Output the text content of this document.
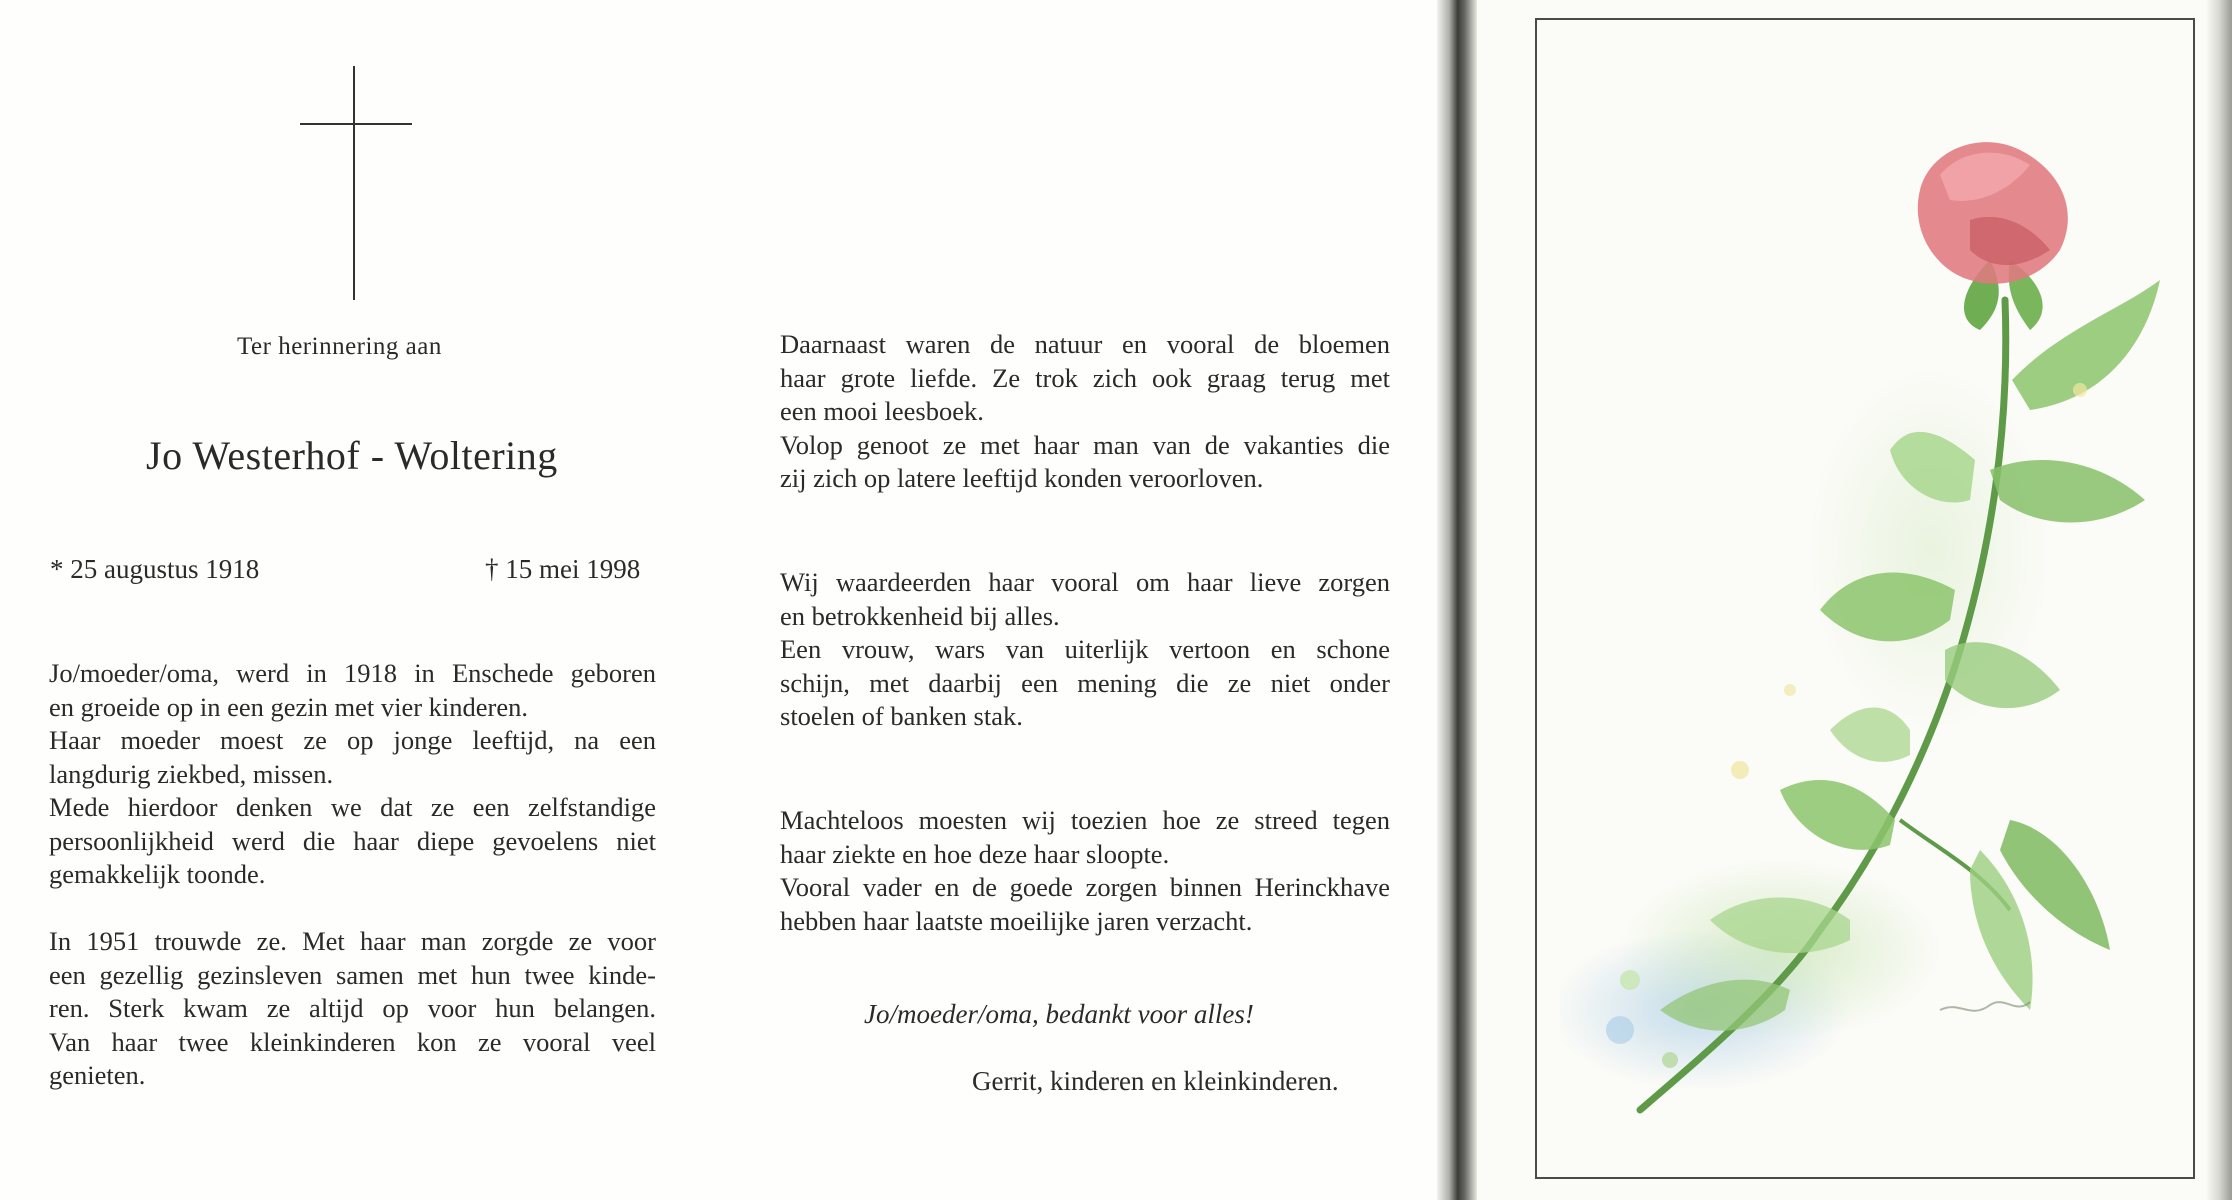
Ter herinnering aan
Jo Westerhof - Woltering
* 25 augustus 1918	† 15 mei 1998
Jo/moeder/oma, werd in 1918 in Enschede geboren
en groeide op in een gezin met vier kinderen.
Haar moeder moest ze op jonge leeftijd, na een
langdurig ziekbed, missen.
Mede hierdoor denken we dat ze een zelfstandige
persoonlijkheid werd die haar diepe gevoelens niet
gemakkelijk toonde.
In 1951 trouwde ze. Met haar man zorgde ze voor
een gezellig gezinsleven samen met hun twee kinde-
ren. Sterk kwam ze altijd op voor hun belangen.
Van haar twee kleinkinderen kon ze vooral veel
genieten.
Daarnaast waren de natuur en vooral de bloemen
haar grote liefde. Ze trok zich ook graag terug met
een mooi leesboek.
Volop genoot ze met haar man van de vakanties die
zij zich op latere leeftijd konden veroorloven.
Wij waardeerden haar vooral om haar lieve zorgen
en betrokkenheid bij alles.
Een vrouw, wars van uiterlijk vertoon en schone
schijn, met daarbij een mening die ze niet onder
stoelen of banken stak.
Machteloos moesten wij toezien hoe ze streed tegen
haar ziekte en hoe deze haar sloopte.
Vooral vader en de goede zorgen binnen Herinckhave
hebben haar laatste moeilijke jaren verzacht.
Jo/moeder/oma, bedankt voor alles!
Gerrit, kinderen en kleinkinderen.
